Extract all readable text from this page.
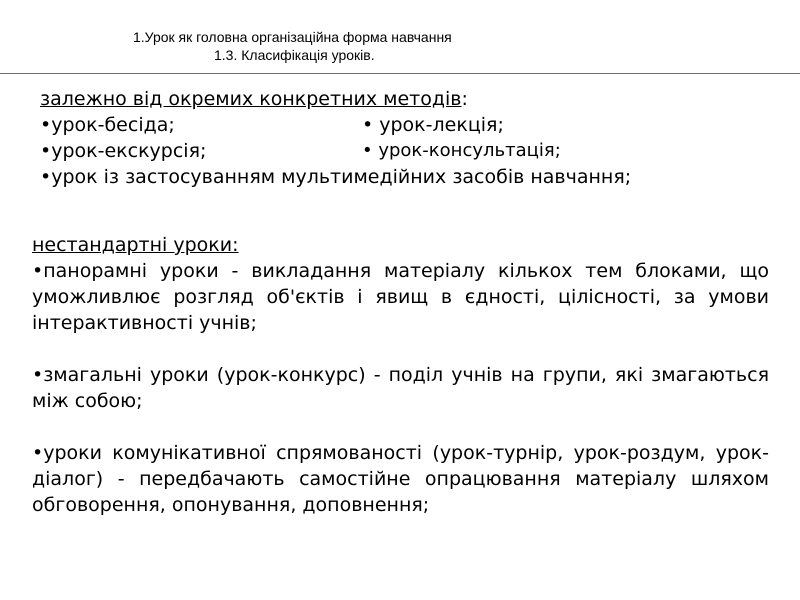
1.Урок як головна організаційна форма навчання
1.3. Класифікація уроків.
залежно від окремих конкретних методів:
•урок-бесіда;	• урок-лекція;
•урок-екскурсія;	• урок-консультація;
•урок із застосуванням мультимедійних засобів навчання;

нестандартні уроки:

•панорамні уроки - викладання матеріалу кількох тем блоками, що уможливлює розгляд об'єктів і явищ в єдності, цілісності, за умови інтерактивності учнів;

•змагальні уроки (урок-конкурс) - поділ учнів на групи, які змагаються між собою;

•уроки комунікативної спрямованості (урок-турнір, урок-роздум, урок-діалог) - передбачають самостійне опрацювання матеріалу шляхом обговорення, опонування, доповнення;
